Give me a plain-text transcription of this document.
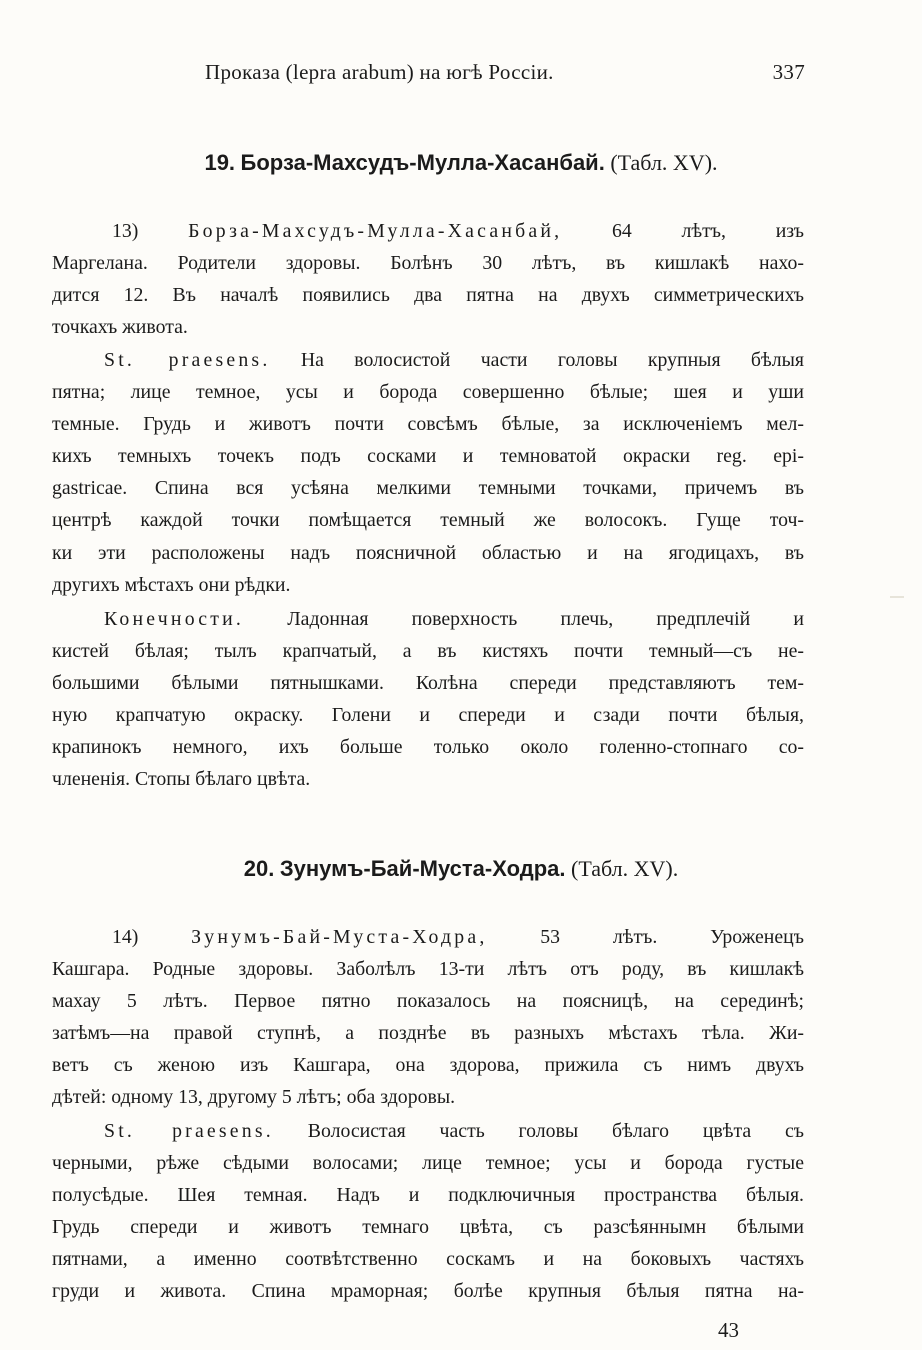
Проказа (lepra arabum) на югѣ Россіи.	337
19. Борза-Махсудъ-Мулла-Хасанбай. (Табл. XV).
13)	Борза-Махсудъ-Мулла-Хасанбай, 64 лѣтъ, изъ
Маргелана. Родители здоровы. Болѣнъ 30 лѣтъ, въ кишлакѣ нахо-
дится 12. Въ началѣ появились два пятна на двухъ симметрическихъ
точкахъ живота.
St. praesens. На волосистой части головы крупныя бѣлыя
пятна; лице темное, усы и борода совершенно бѣлые; шея и уши
темные. Грудь и животъ почти совсѣмъ бѣлые, за исключеніемъ мел-
кихъ темныхъ точекъ подъ сосками и темноватой окраски reg. epi-
gastricae. Спина вся усѣяна мелкими темными точками, причемъ въ
центрѣ каждой точки помѣщается темный же волосокъ. Гуще точ-
ки эти расположены надъ поясничной областью и на ягодицахъ, въ
другихъ мѣстахъ они рѣдки.
Конечности. Ладонная поверхность плечь, предплечій и
кистей бѣлая; тылъ крапчатый, а въ кистяхъ почти темный—съ не-
большими бѣлыми пятнышками. Колѣна спереди представляютъ тем-
ную крапчатую окраску. Голени и спереди и сзади почти бѣлыя,
крапинокъ немного, ихъ больше только около голенно-стопнаго со-
члененія. Стопы бѣлаго цвѣта.
20. Зунумъ-Бай-Муста-Ходра. (Табл. XV).
14)	Зунумъ-Бай-Муста-Ходра, 53 лѣтъ. Уроженецъ
Кашгара. Родные здоровы. Заболѣлъ 13-ти лѣтъ отъ роду, въ кишлакѣ
махау 5 лѣтъ. Первое пятно показалось на поясницѣ, на серединѣ;
затѣмъ—на правой ступнѣ, а позднѣе въ разныхъ мѣстахъ тѣла. Жи-
ветъ съ женою изъ Кашгара, она здорова, прижила съ нимъ двухъ
дѣтей: одному 13, другому 5 лѣтъ; оба здоровы.
St. praesens. Волосистая часть головы бѣлаго цвѣта съ
черными, рѣже сѣдыми волосами; лице темное; усы и борода густые
полусѣдые. Шея темная. Надъ и подключичныя пространства бѣлыя.
Грудь спереди и животъ темнаго цвѣта, съ разсѣяннымн бѣлыми
пятнами, а именно соотвѣтственно соскамъ и на боковыхъ частяхъ
груди и живота. Спина мраморная; болѣе крупныя бѣлыя пятна на-
43
